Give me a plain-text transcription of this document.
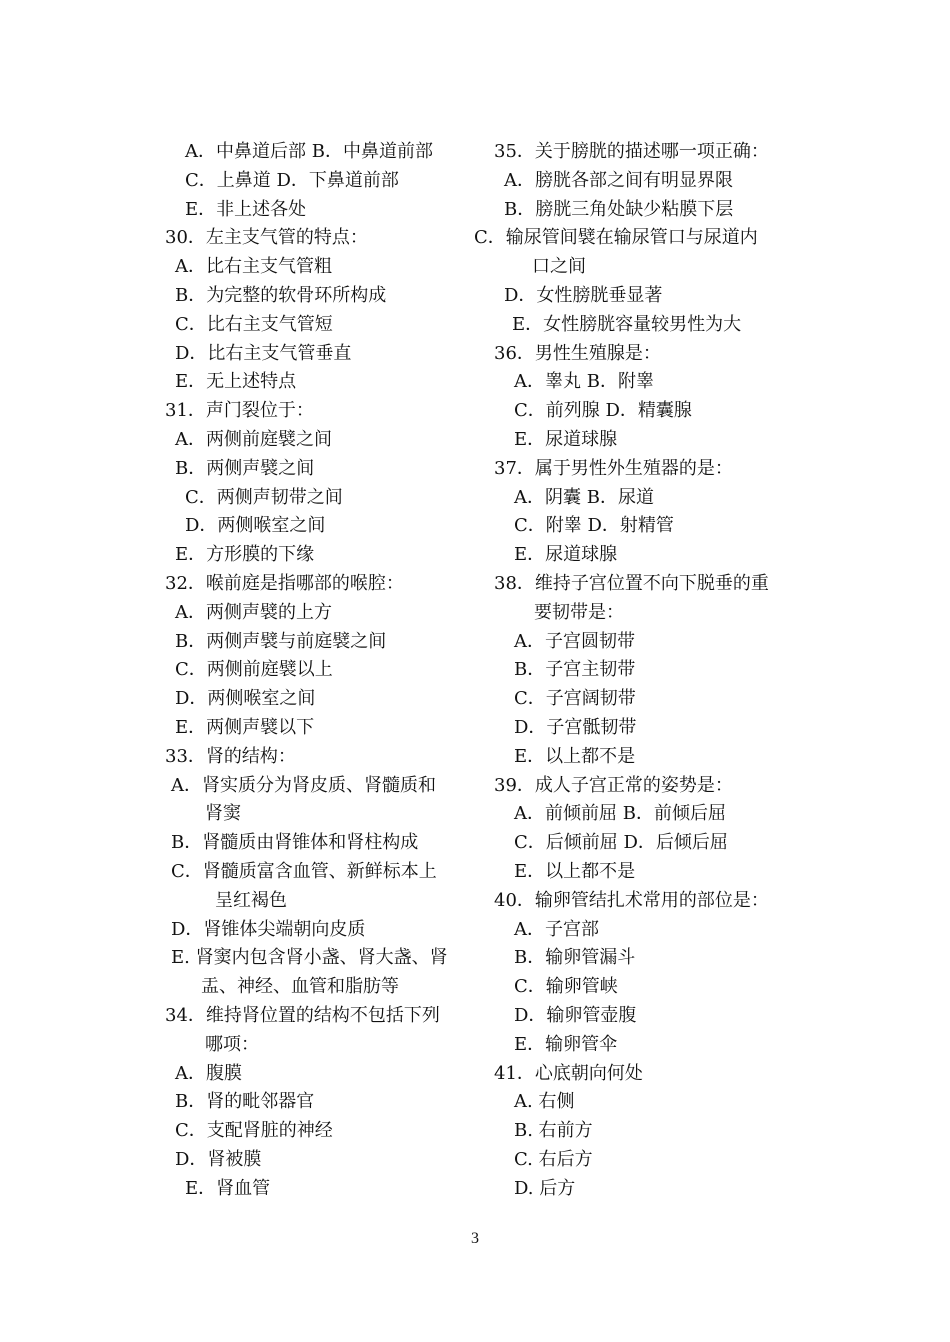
A．中鼻道后部 B．中鼻道前部
C．上鼻道 D．下鼻道前部
E．非上述各处
30．左主支气管的特点：
A．比右主支气管粗
B．为完整的软骨环所构成
C．比右主支气管短
D．比右主支气管垂直
E．无上述特点
31．声门裂位于：
A．两侧前庭襞之间
B．两侧声襞之间
C．两侧声韧带之间
D．两侧喉室之间
E．方形膜的下缘
32．喉前庭是指哪部的喉腔：
A．两侧声襞的上方
B．两侧声襞与前庭襞之间
C．两侧前庭襞以上
D．两侧喉室之间
E．两侧声襞以下
33．肾的结构：
A．肾实质分为肾皮质、肾髓质和
肾窦
B．肾髓质由肾锥体和肾柱构成
C．肾髓质富含血管、新鲜标本上
呈红褐色
D．肾锥体尖端朝向皮质
E. 肾窦内包含肾小盏、肾大盏、肾
盂、神经、血管和脂肪等
34．维持肾位置的结构不包括下列
哪项：
A．腹膜
B．肾的毗邻器官
C．支配肾脏的神经
D．肾被膜
E．肾血管
35．关于膀胱的描述哪一项正确：
A．膀胱各部之间有明显界限
B．膀胱三角处缺少粘膜下层
C．输尿管间襞在输尿管口与尿道内
口之间
D．女性膀胱垂显著
E．女性膀胱容量较男性为大
36．男性生殖腺是：
A．睾丸 B．附睾
C．前列腺 D．精囊腺
E．尿道球腺
37．属于男性外生殖器的是：
A．阴囊 B．尿道
C．附睾 D．射精管
E．尿道球腺
38．维持子宫位置不向下脱垂的重
要韧带是：
A．子宫圆韧带
B．子宫主韧带
C．子宫阔韧带
D．子宫骶韧带
E．以上都不是
39．成人子宫正常的姿势是：
A．前倾前屈 B．前倾后屈
C．后倾前屈 D．后倾后屈
E．以上都不是
40．输卵管结扎术常用的部位是：
A．子宫部
B．输卵管漏斗
C．输卵管峡
D．输卵管壶腹
E．输卵管伞
41．心底朝向何处
A. 右侧
B. 右前方
C. 右后方
D. 后方
3
